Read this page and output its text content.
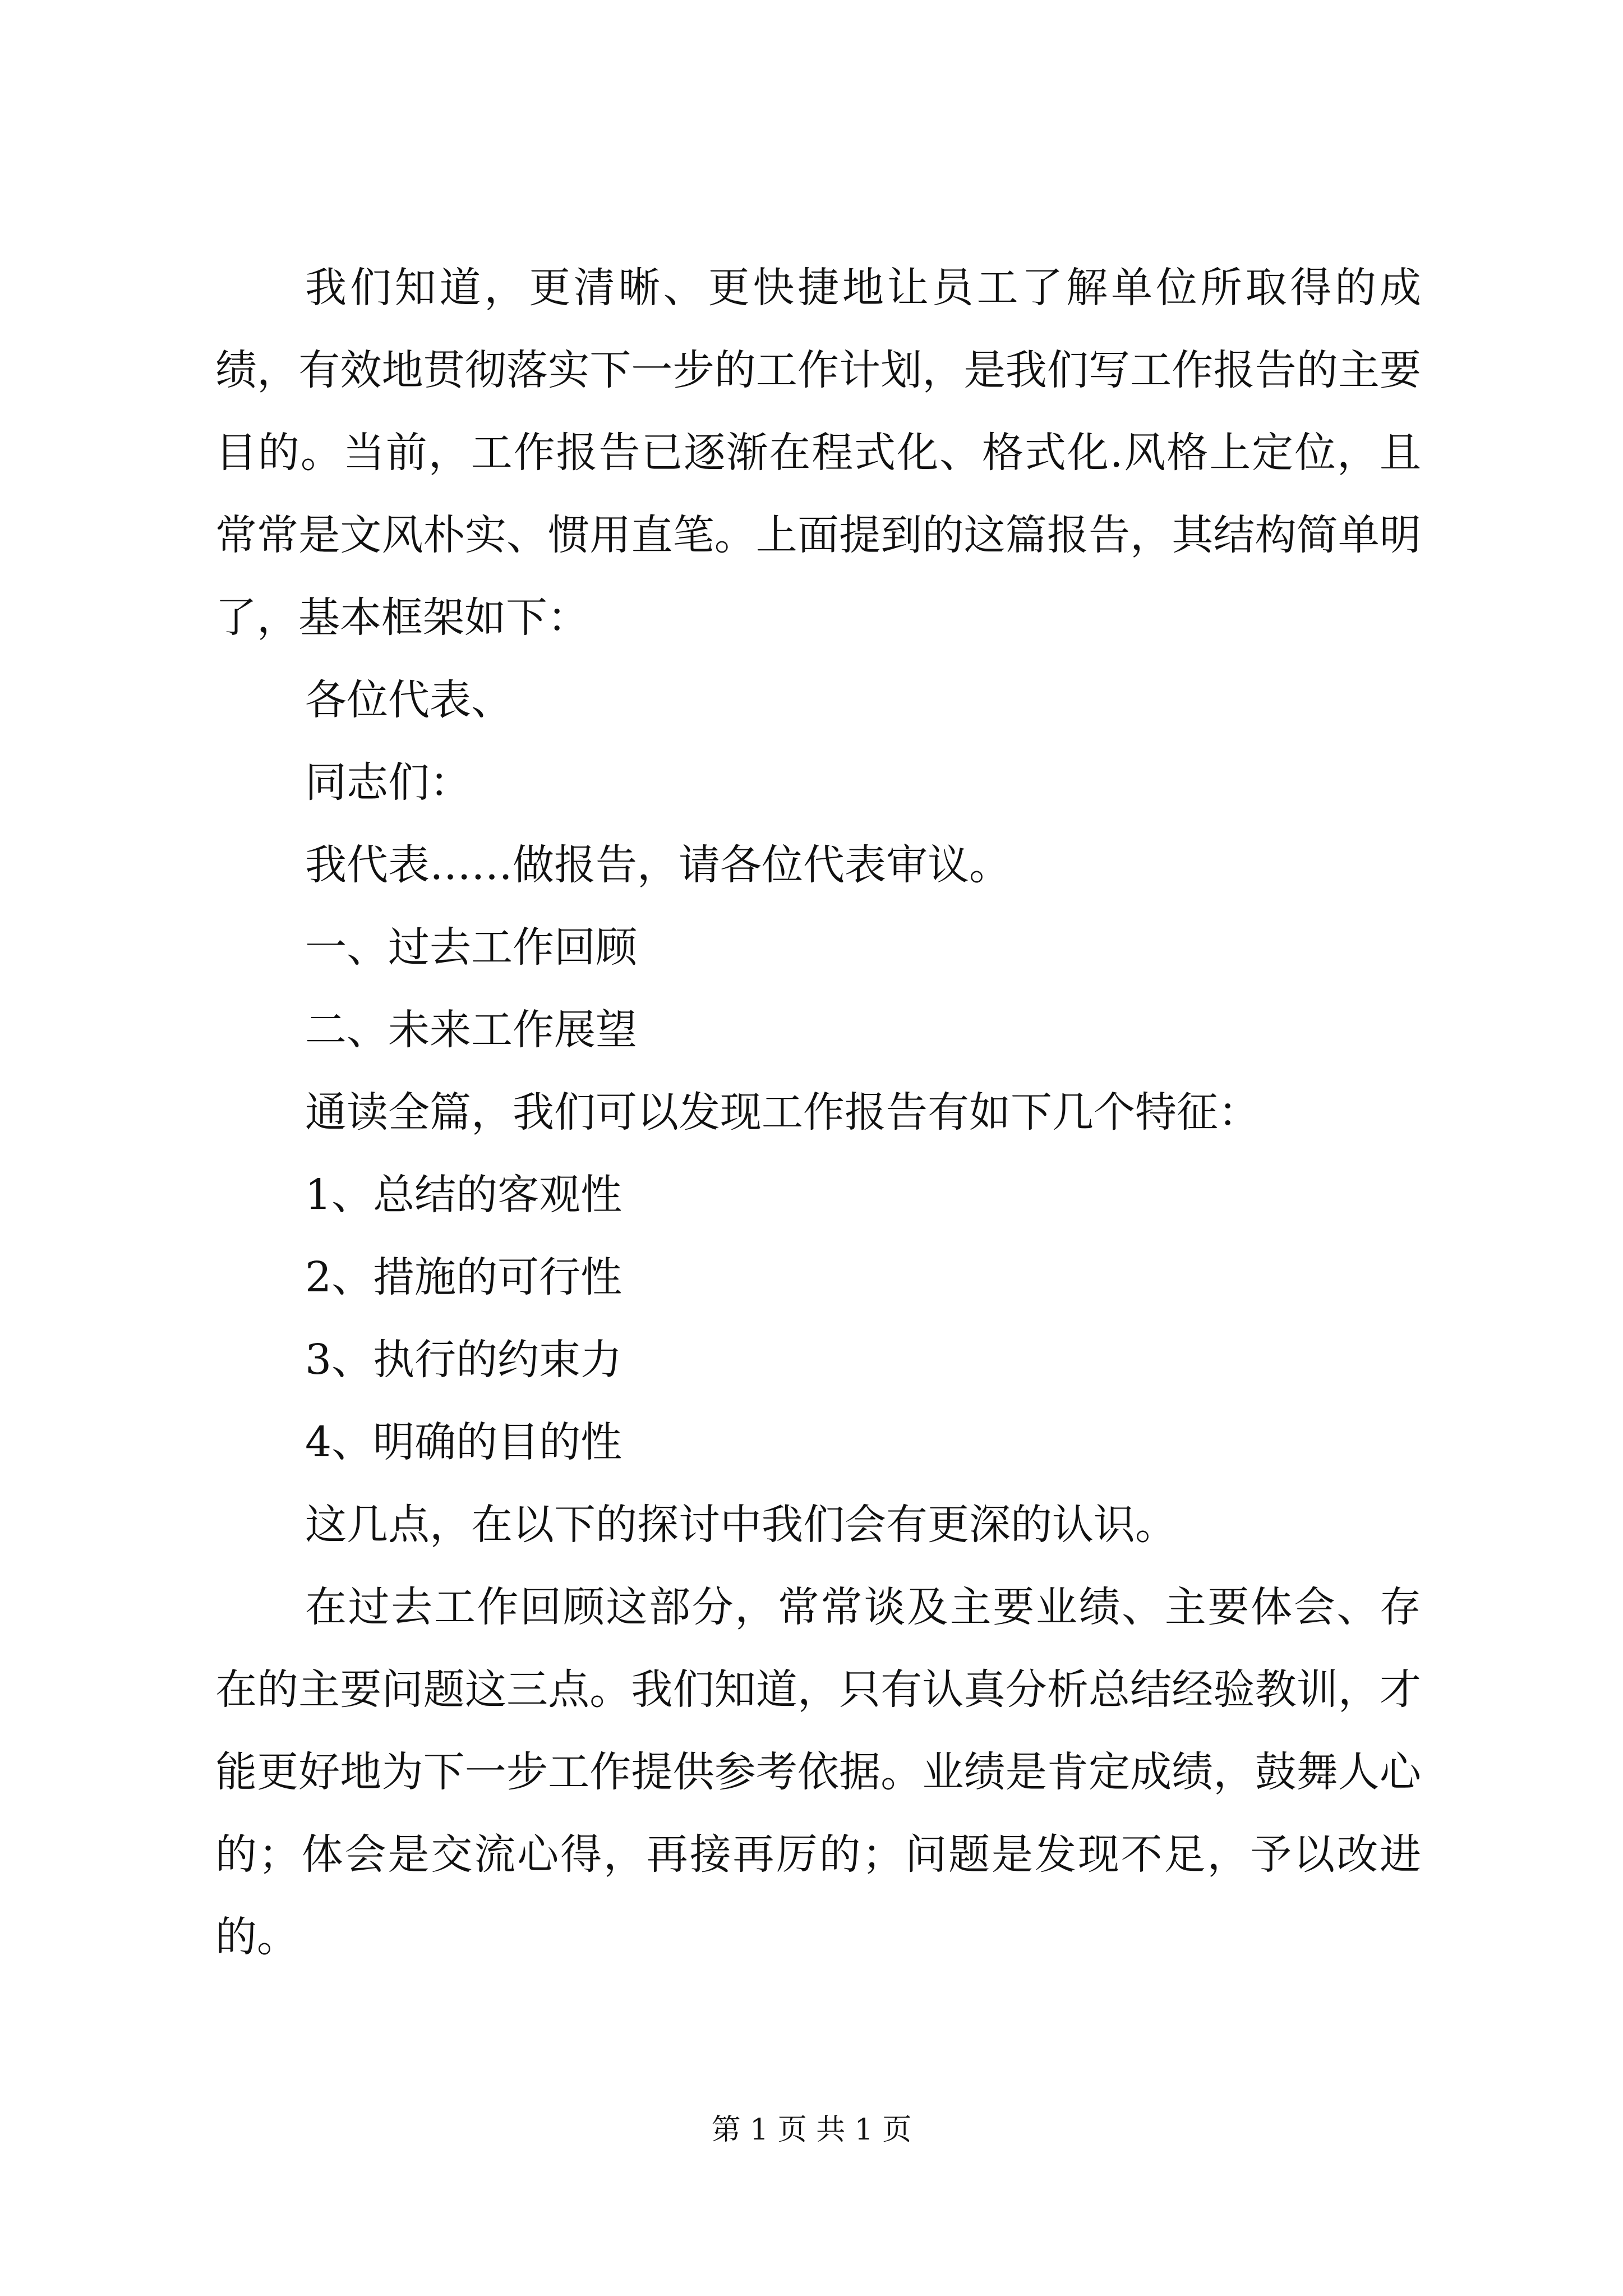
我们知道，更清晰、更快捷地让员工了解单位所取得的成绩，有效地贯彻落实下一步的工作计划，是我们写工作报告的主要目的。当前，工作报告已逐渐在程式化、格式化.风格上定位，且常常是文风朴实、惯用直笔。上面提到的这篇报告，其结构简单明了，基本框架如下：

各位代表、

同志们：

我代表……做报告，请各位代表审议。

一、过去工作回顾

二、未来工作展望

通读全篇，我们可以发现工作报告有如下几个特征：

1、总结的客观性

2、措施的可行性

3、执行的约束力

4、明确的目的性

这几点，在以下的探讨中我们会有更深的认识。

在过去工作回顾这部分，常常谈及主要业绩、主要体会、存在的主要问题这三点。我们知道，只有认真分析总结经验教训，才能更好地为下一步工作提供参考依据。业绩是肯定成绩，鼓舞人心的；体会是交流心得，再接再厉的；问题是发现不足，予以改进的。

第 1 页 共 1 页
